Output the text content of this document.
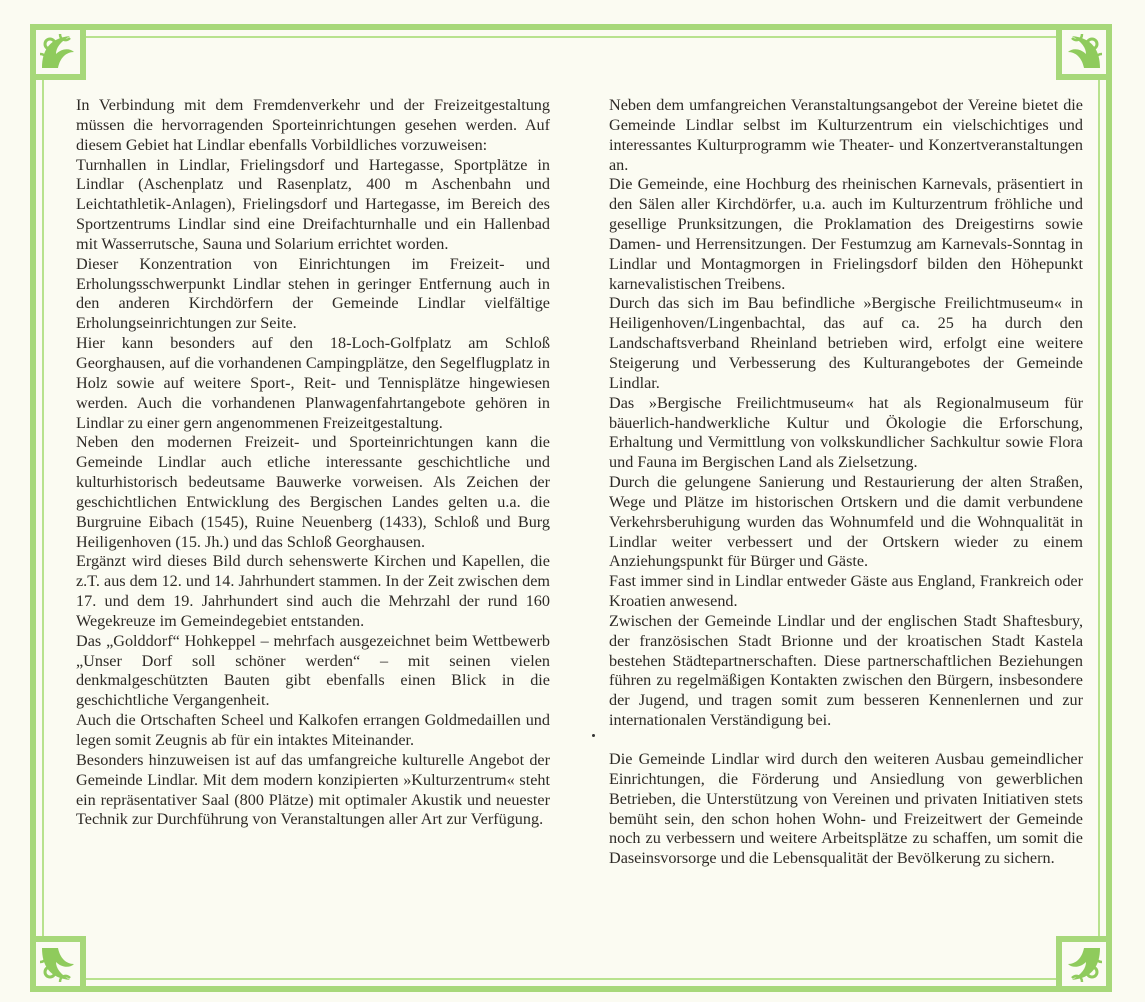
In Verbindung mit dem Fremdenverkehr und der Freizeitgestaltung müssen die hervorragenden Sporteinrichtungen gesehen werden. Auf diesem Gebiet hat Lindlar ebenfalls Vorbildliches vorzuweisen:

Turnhallen in Lindlar, Frielingsdorf und Hartegasse, Sportplätze in Lindlar (Aschenplatz und Rasenplatz, 400 m Aschenbahn und Leichtathletik-Anlagen), Frielingsdorf und Hartegasse, im Bereich des Sportzentrums Lindlar sind eine Dreifachturnhalle und ein Hallenbad mit Wasserrutsche, Sauna und Solarium errichtet worden.

Dieser Konzentration von Einrichtungen im Freizeit- und Erholungsschwerpunkt Lindlar stehen in geringer Entfernung auch in den anderen Kirchdörfern der Gemeinde Lindlar vielfältige Erholungseinrichtungen zur Seite.

Hier kann besonders auf den 18-Loch-Golfplatz am Schloß Georghausen, auf die vorhandenen Campingplätze, den Segelflugplatz in Holz sowie auf weitere Sport-, Reit- und Tennisplätze hingewiesen werden. Auch die vorhandenen Planwagenfahrtangebote gehören in Lindlar zu einer gern angenommenen Freizeitgestaltung.

Neben den modernen Freizeit- und Sporteinrichtungen kann die Gemeinde Lindlar auch etliche interessante geschichtliche und kulturhistorisch bedeutsame Bauwerke vorweisen. Als Zeichen der geschichtlichen Entwicklung des Bergischen Landes gelten u.a. die Burgruine Eibach (1545), Ruine Neuenberg (1433), Schloß und Burg Heiligenhoven (15. Jh.) und das Schloß Georghausen.

Ergänzt wird dieses Bild durch sehenswerte Kirchen und Kapellen, die z.T. aus dem 12. und 14. Jahrhundert stammen. In der Zeit zwischen dem 17. und dem 19. Jahrhundert sind auch die Mehrzahl der rund 160 Wegekreuze im Gemeindegebiet entstanden.

Das „Golddorf“ Hohkeppel – mehrfach ausgezeichnet beim Wettbewerb „Unser Dorf soll schöner werden“ – mit seinen vielen denkmalgeschützten Bauten gibt ebenfalls einen Blick in die geschichtliche Vergangenheit.

Auch die Ortschaften Scheel und Kalkofen errangen Goldmedaillen und legen somit Zeugnis ab für ein intaktes Miteinander.

Besonders hinzuweisen ist auf das umfangreiche kulturelle Angebot der Gemeinde Lindlar. Mit dem modern konzipierten »Kulturzentrum« steht ein repräsentativer Saal (800 Plätze) mit optimaler Akustik und neuester Technik zur Durchführung von Veranstaltungen aller Art zur Verfügung.

Neben dem umfangreichen Veranstaltungsangebot der Vereine bietet die Gemeinde Lindlar selbst im Kulturzentrum ein vielschichtiges und interessantes Kulturprogramm wie Theater- und Konzertveranstaltungen an.

Die Gemeinde, eine Hochburg des rheinischen Karnevals, präsentiert in den Sälen aller Kirchdörfer, u.a. auch im Kulturzentrum fröhliche und gesellige Prunksitzungen, die Proklamation des Dreigestirns sowie Damen- und Herrensitzungen. Der Festumzug am Karnevals-Sonntag in Lindlar und Montagmorgen in Frielingsdorf bilden den Höhepunkt karnevalistischen Treibens.

Durch das sich im Bau befindliche »Bergische Freilichtmuseum« in Heiligenhoven/Lingenbachtal, das auf ca. 25 ha durch den Landschaftsverband Rheinland betrieben wird, erfolgt eine weitere Steigerung und Verbesserung des Kulturangebotes der Gemeinde Lindlar.

Das »Bergische Freilichtmuseum« hat als Regionalmuseum für bäuerlich-handwerkliche Kultur und Ökologie die Erforschung, Erhaltung und Vermittlung von volkskundlicher Sachkultur sowie Flora und Fauna im Bergischen Land als Zielsetzung.

Durch die gelungene Sanierung und Restaurierung der alten Straßen, Wege und Plätze im historischen Ortskern und die damit verbundene Verkehrsberuhigung wurden das Wohnumfeld und die Wohnqualität in Lindlar weiter verbessert und der Ortskern wieder zu einem Anziehungspunkt für Bürger und Gäste.

Fast immer sind in Lindlar entweder Gäste aus England, Frankreich oder Kroatien anwesend.

Zwischen der Gemeinde Lindlar und der englischen Stadt Shaftesbury, der französischen Stadt Brionne und der kroatischen Stadt Kastela bestehen Städtepartnerschaften. Diese partnerschaftlichen Beziehungen führen zu regelmäßigen Kontakten zwischen den Bürgern, insbesondere der Jugend, und tragen somit zum besseren Kennenlernen und zur internationalen Verständigung bei.

Die Gemeinde Lindlar wird durch den weiteren Ausbau gemeindlicher Einrichtungen, die Förderung und Ansiedlung von gewerblichen Betrieben, die Unterstützung von Vereinen und privaten Initiativen stets bemüht sein, den schon hohen Wohn- und Freizeitwert der Gemeinde noch zu verbessern und weitere Arbeitsplätze zu schaffen, um somit die Daseinsvorsorge und die Lebensqualität der Bevölkerung zu sichern.
